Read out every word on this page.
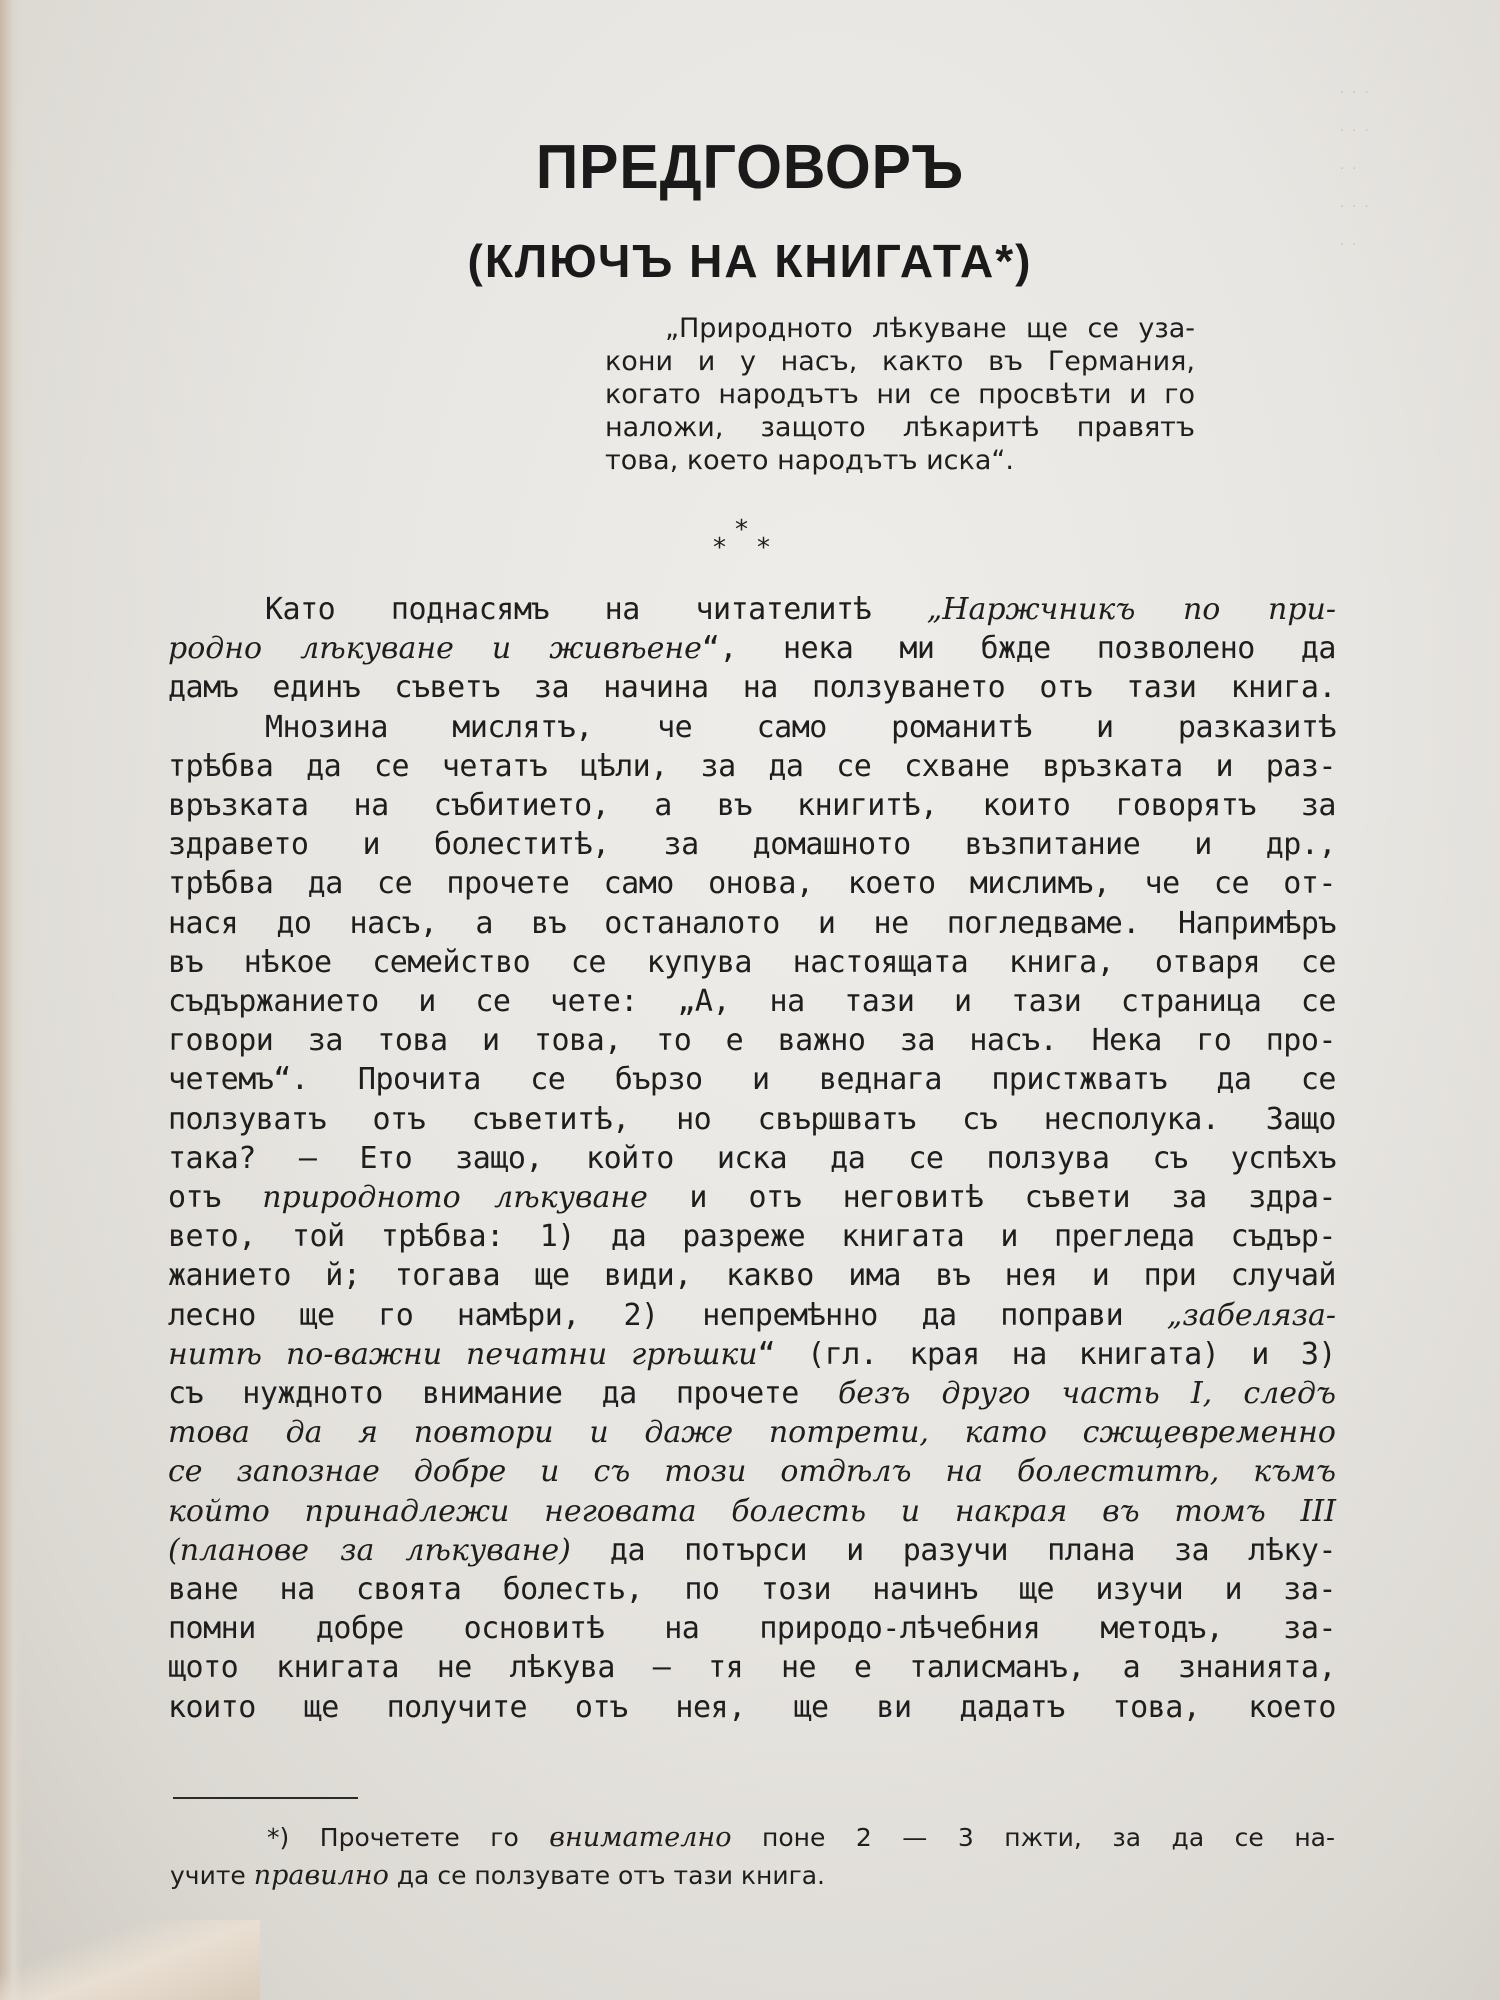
· · ·
· · ·
· ·
· · ·
· ·
ПРЕДГОВОРЪ
(КЛЮЧЪ НА КНИГАТА*)
„Природното лѣкуване ще се уза-
кони и у насъ, както въ Германия,
когато народътъ ни се просвѣти и го
наложи, защото лѣкаритѣ правятъ
това, което народътъ иска“.
*
* *
Като поднасямъ на читателитѣ „Наржчникъ по при-
родно лѣкуване и живѣене“, нека ми бжде позволено да
дамъ единъ съветъ за начина на ползуването отъ тази книга.
Мнозина мислятъ, че само романитѣ и разказитѣ
трѣбва да се четатъ цѣли, за да се схване връзката и раз-
връзката на събитието, а въ книгитѣ, които говорятъ за
здравето и болеститѣ, за домашното възпитание и др.,
трѣбва да се прочете само онова, което мислимъ, че се от-
нася до насъ, а въ останалото и не погледваме. Напримѣръ
въ нѣкое семейство се купува настоящата книга, отваря се
съдържанието и се чете: „А, на тази и тази страница се
говори за това и това, то е важно за насъ. Нека го про-
четемъ“. Прочита се бързо и веднага пристжватъ да се
ползуватъ отъ съветитѣ, но свършватъ съ несполука. Защо
така? — Ето защо, който иска да се ползува съ успѣхъ
отъ природното лѣкуване и отъ неговитѣ съвети за здра-
вето, той трѣбва: 1) да разреже книгата и прегледа съдър-
жанието й; тогава ще види, какво има въ нея и при случай
лесно ще го намѣри, 2) непремѣнно да поправи „забеляза-
нитѣ по-важни печатни грѣшки“ (гл. края на книгата) и 3)
съ нуждното внимание да прочете безъ друго часть I, следъ
това да я повтори и даже потрети, като сжщевременно
се запознае добре и съ този отдѣлъ на болеститѣ, къмъ
който принадлежи неговата болесть и накрая въ томъ III
(планове за лѣкуване) да потърси и разучи плана за лѣку-
ване на своята болесть, по този начинъ ще изучи и за-
помни добре основитѣ на природо-лѣчебния методъ, за-
щото книгата не лѣкува — тя не е талисманъ, а знанията,
които ще получите отъ нея, ще ви дадатъ това, което
*) Прочетете го внимателно поне 2 — 3 пжти, за да се на-
учите правилно да се ползувате отъ тази книга.
